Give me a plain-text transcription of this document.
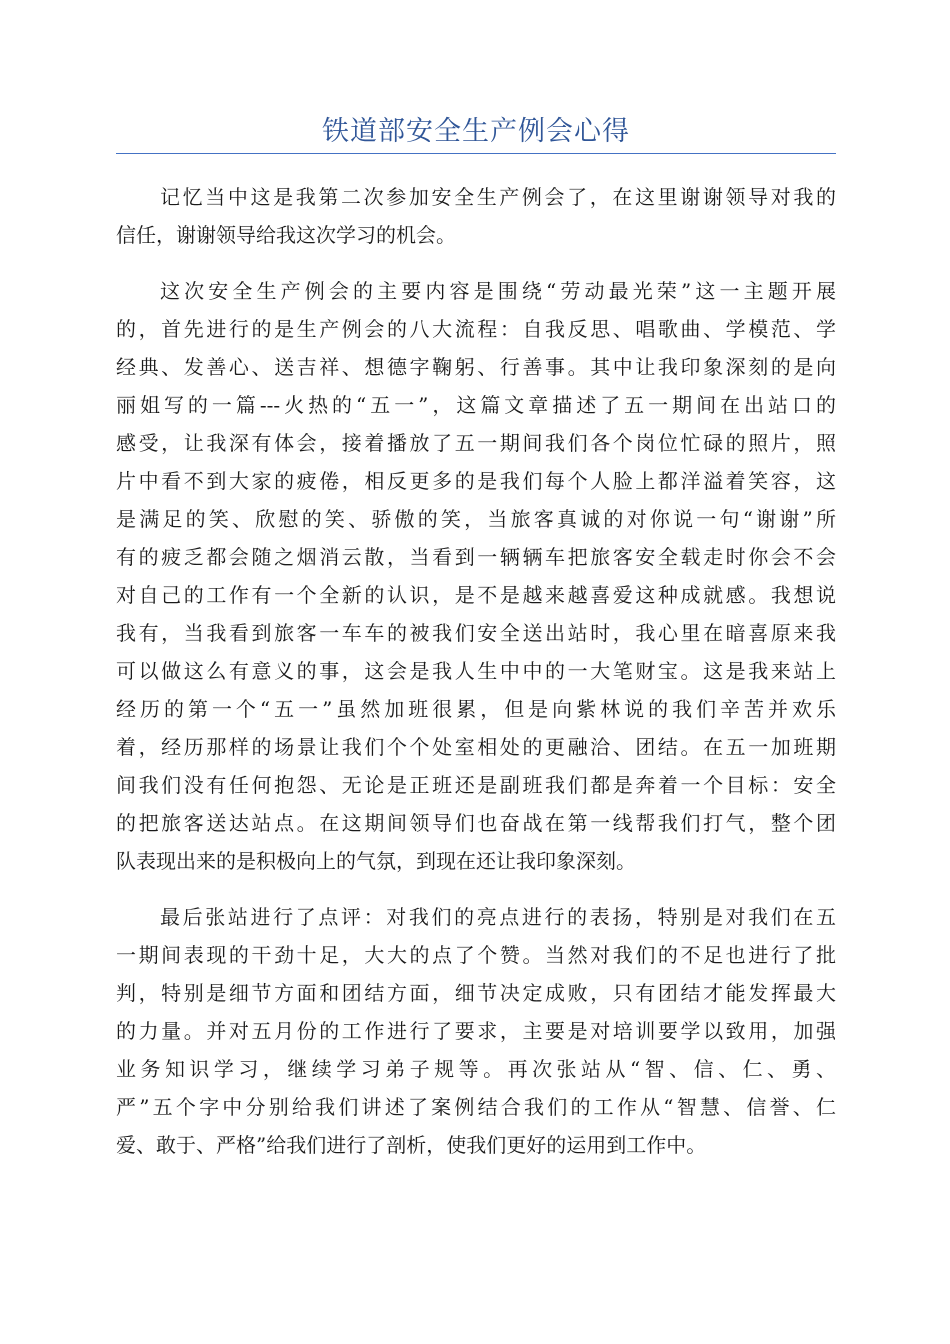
铁道部安全生产例会心得
记忆当中这是我第二次参加安全生产例会了，在这里谢谢领导对我的
信任，谢谢领导给我这次学习的机会。
这次安全生产例会的主要内容是围绕“劳动最光荣”这一主题开展
的，首先进行的是生产例会的八大流程：自我反思、唱歌曲、学模范、学
经典、发善心、送吉祥、想德字鞠躬、行善事。其中让我印象深刻的是向
丽姐写的一篇---火热的“五一”，这篇文章描述了五一期间在出站口的
感受，让我深有体会，接着播放了五一期间我们各个岗位忙碌的照片，照
片中看不到大家的疲倦，相反更多的是我们每个人脸上都洋溢着笑容，这
是满足的笑、欣慰的笑、骄傲的笑，当旅客真诚的对你说一句“谢谢”所
有的疲乏都会随之烟消云散，当看到一辆辆车把旅客安全载走时你会不会
对自己的工作有一个全新的认识，是不是越来越喜爱这种成就感。我想说
我有，当我看到旅客一车车的被我们安全送出站时，我心里在暗喜原来我
可以做这么有意义的事，这会是我人生中中的一大笔财宝。这是我来站上
经历的第一个“五一”虽然加班很累，但是向紫林说的我们辛苦并欢乐
着，经历那样的场景让我们个个处室相处的更融洽、团结。在五一加班期
间我们没有任何抱怨、无论是正班还是副班我们都是奔着一个目标：安全
的把旅客送达站点。在这期间领导们也奋战在第一线帮我们打气，整个团
队表现出来的是积极向上的气氛，到现在还让我印象深刻。
最后张站进行了点评：对我们的亮点进行的表扬，特别是对我们在五
一期间表现的干劲十足，大大的点了个赞。当然对我们的不足也进行了批
判，特别是细节方面和团结方面，细节决定成败，只有团结才能发挥最大
的力量。并对五月份的工作进行了要求，主要是对培训要学以致用，加强
业务知识学习，继续学习弟子规等。再次张站从“智、信、仁、勇、
严”五个字中分别给我们讲述了案例结合我们的工作从“智慧、信誉、仁
爱、敢于、严格”给我们进行了剖析，使我们更好的运用到工作中。
